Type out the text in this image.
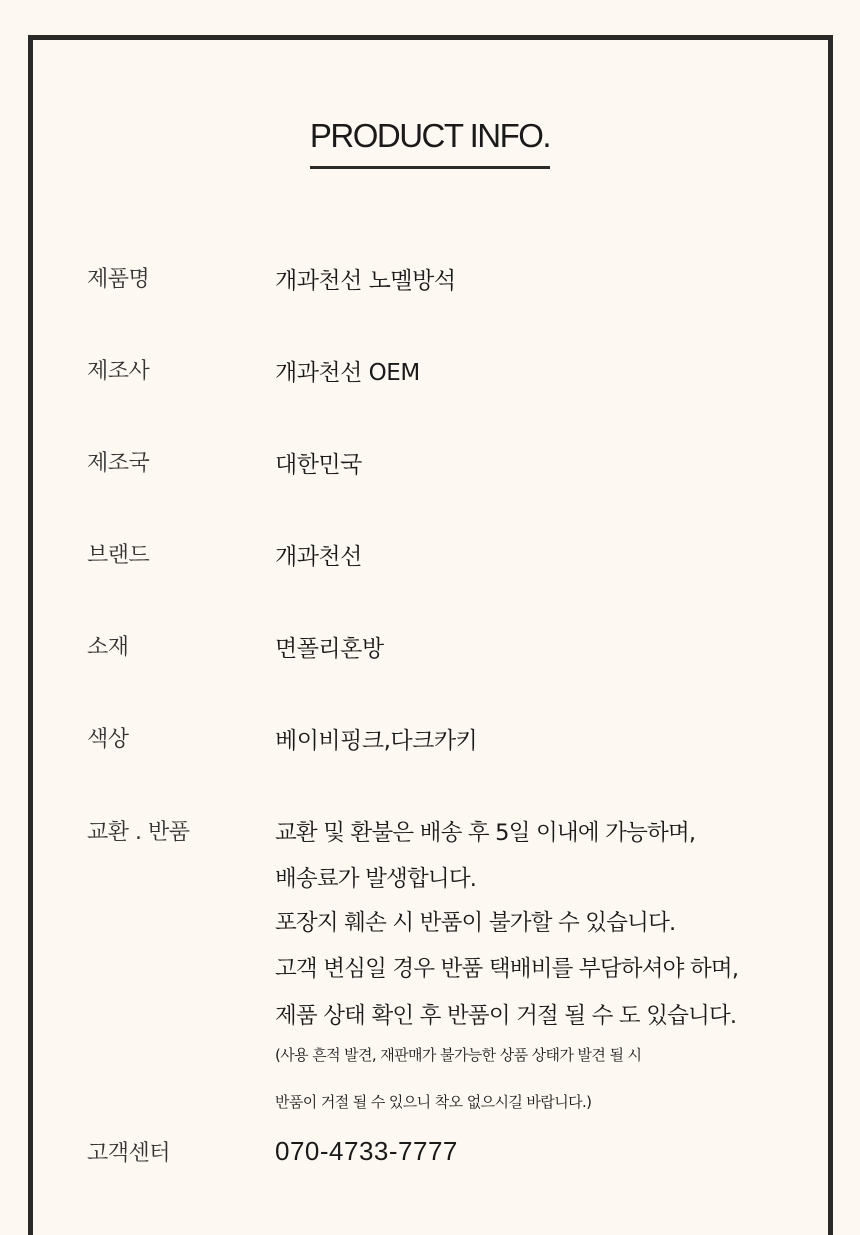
PRODUCT INFO.
제품명	개과천선 노멜방석
제조사	개과천선 OEM
제조국	대한민국
브랜드	개과천선
소재	면폴리혼방
색상	베이비핑크,다크카키
교환 . 반품	교환 및 환불은 배송 후 5일 이내에 가능하며,
배송료가 발생합니다.
포장지 훼손 시 반품이 불가할 수 있습니다.
고객 변심일 경우 반품 택배비를 부담하셔야 하며,
제품 상태 확인 후 반품이 거절 될 수 도 있습니다.
(사용 흔적 발견, 재판매가 불가능한 상품 상태가 발견 될 시
반품이 거절 될 수 있으니 착오 없으시길 바랍니다.)
고객센터	070-4733-7777
